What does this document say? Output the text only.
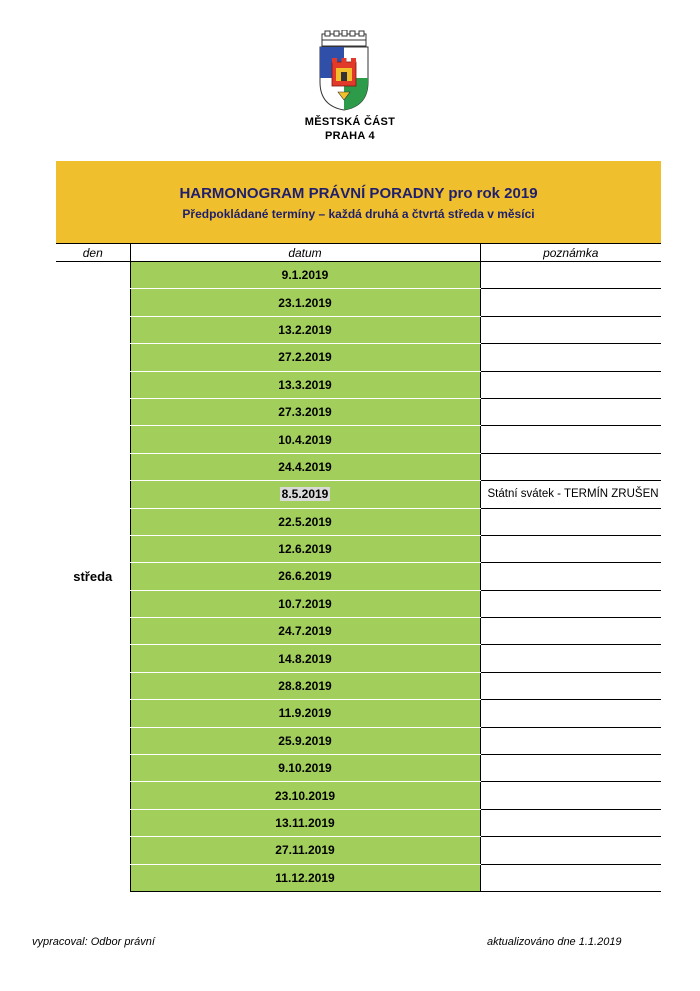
MĚSTSKÁ ČÁST
PRAHA 4
HARMONOGRAM PRÁVNÍ PORADNY pro rok 2019
Předpokládané termíny – každá druhá a čtvrtá středa v měsíci
den	datum	poznámka
středa	9.1.2019	
	23.1.2019	
	13.2.2019	
	27.2.2019	
	13.3.2019	
	27.3.2019	
	10.4.2019	
	24.4.2019	
	8.5.2019	Státní svátek - TERMÍN ZRUŠEN
	22.5.2019	
	12.6.2019	
	26.6.2019	
	10.7.2019	
	24.7.2019	
	14.8.2019	
	28.8.2019	
	11.9.2019	
	25.9.2019	
	9.10.2019	
	23.10.2019	
	13.11.2019	
	27.11.2019	
	11.12.2019	
vypracoval: Odbor právní	aktualizováno dne 1.1.2019
